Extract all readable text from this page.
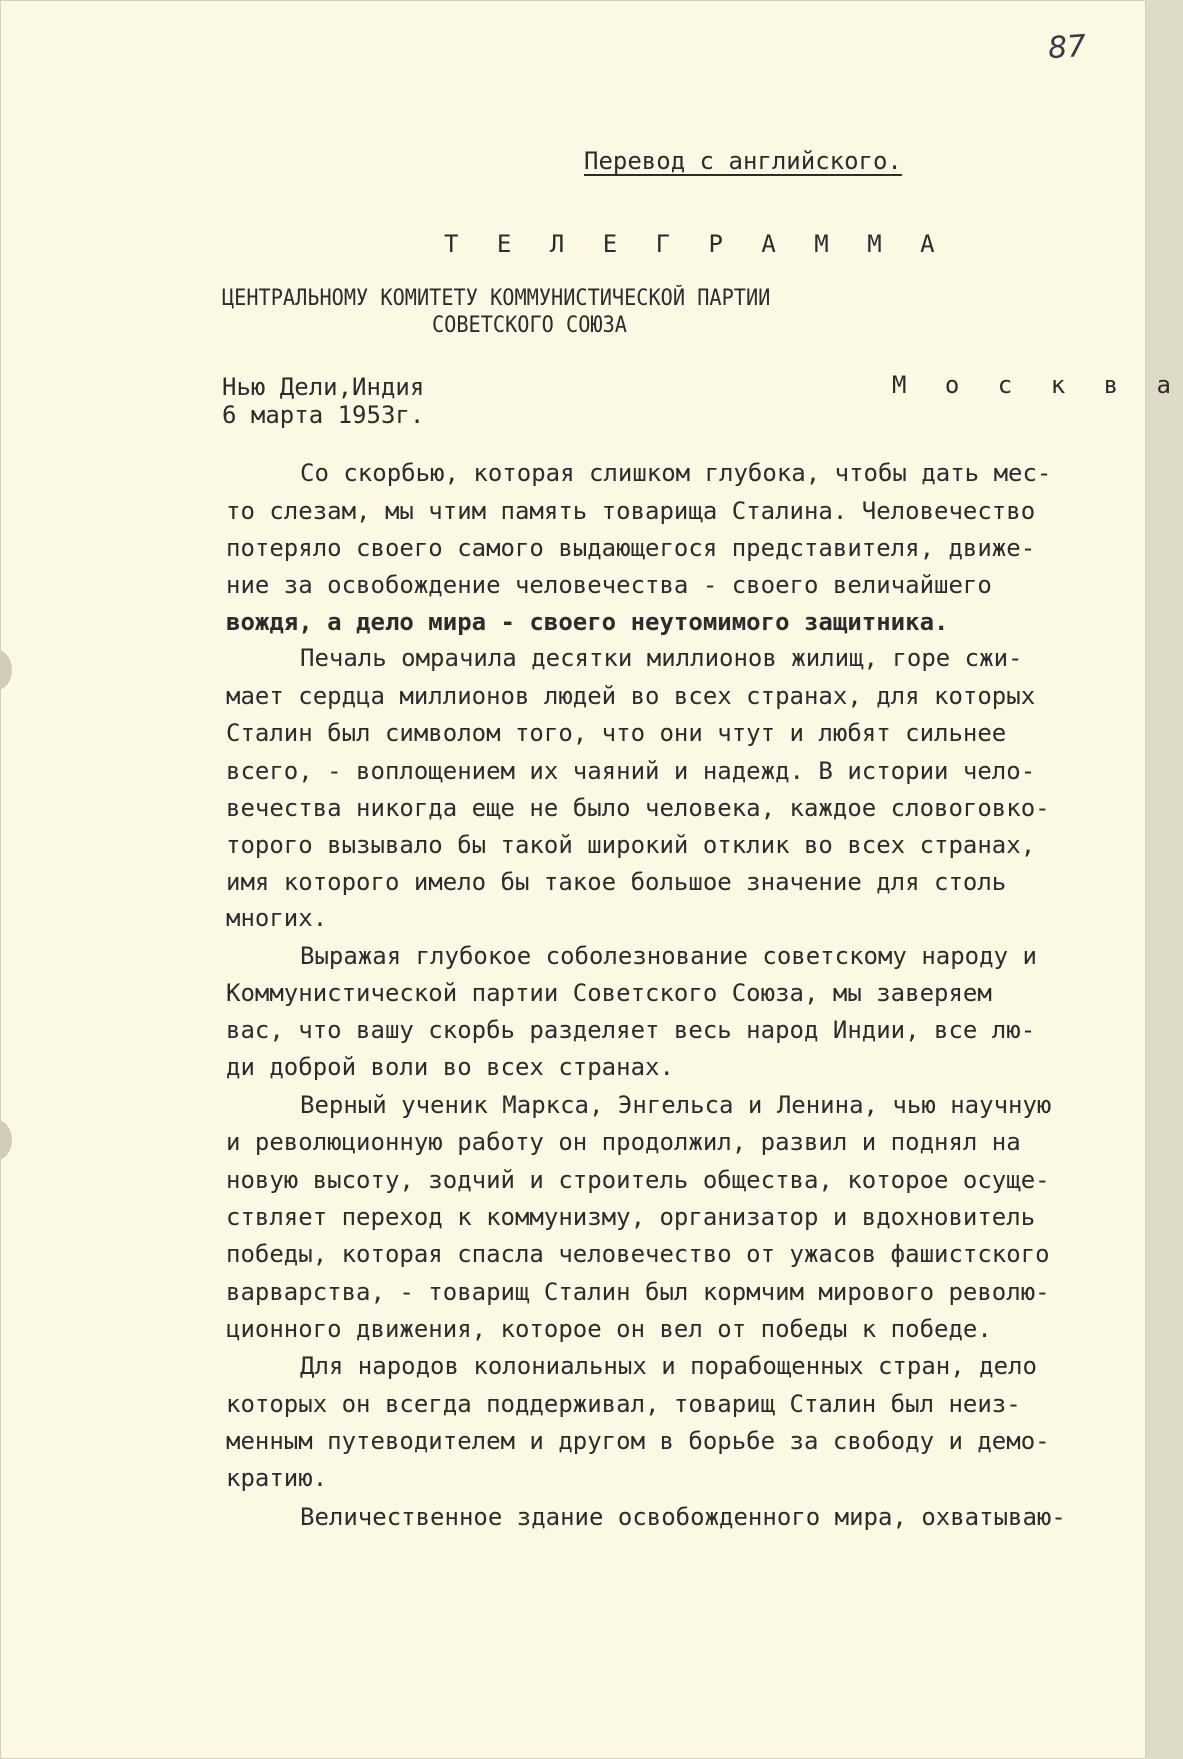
87
Перевод с английского.
Т Е Л Е Г Р А М М А
ЦЕНТРАЛЬНОМУ КОМИТЕТУ КОММУНИСТИЧЕСКОЙ ПАРТИИ
СОВЕТСКОГО СОЮЗА
Нью Дели,Индия
6 марта 1953г.
М о с к в а
Со скорбью, которая слишком глубока, чтобы дать мес-
то слезам, мы чтим память товарища Сталина. Человечество
потеряло своего самого выдающегося представителя, движе-
ние за освобождение человечества - своего величайшего
вождя, а дело мира - своего неутомимого защитника.
Печаль омрачила десятки миллионов жилищ, горе сжи-
мает сердца миллионов людей во всех странах, для которых
Сталин был символом того, что они чтут и любят сильнее
всего, - воплощением их чаяний и надежд. В истории чело-
вечества никогда еще не было человека, каждое словоговко-
торого вызывало бы такой широкий отклик во всех странах,
имя которого имело бы такое большое значение для столь
многих.
Выражая глубокое соболезнование советскому народу и
Коммунистической партии Советского Союза, мы заверяем
вас, что вашу скорбь разделяет весь народ Индии, все лю-
ди доброй воли во всех странах.
Верный ученик Маркса, Энгельса и Ленина, чью научную
и революционную работу он продолжил, развил и поднял на
новую высоту, зодчий и строитель общества, которое осуще-
ствляет переход к коммунизму, организатор и вдохновитель
победы, которая спасла человечество от ужасов фашистского
варварства, - товарищ Сталин был кормчим мирового револю-
ционного движения, которое он вел от победы к победе.
Для народов колониальных и порабощенных стран, дело
которых он всегда поддерживал, товарищ Сталин был неиз-
менным путеводителем и другом в борьбе за свободу и демо-
кратию.
Величественное здание освобожденного мира, охватываю-
